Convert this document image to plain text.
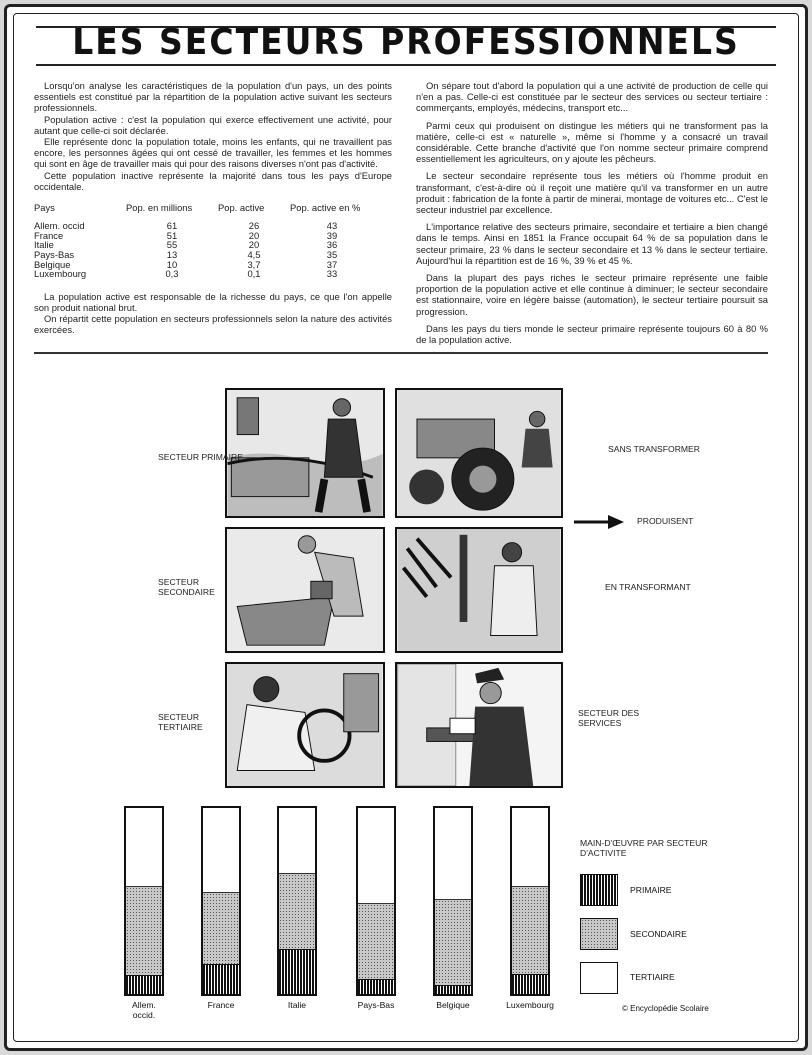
LES SECTEURS PROFESSIONNELS

Lorsqu'on analyse les caractéristiques de la population d'un pays, un des points essentiels est constitué par la répartition de la population active suivant les secteurs professionnels.

Population active : c'est la population qui exerce effectivement une activité, pour autant que celle-ci soit déclarée.

Elle représente donc la population totale, moins les enfants, qui ne travaillent pas encore, les personnes âgées qui ont cessé de travailler, les femmes et les hommes qui sont en âge de travailler mais qui pour des raisons diverses n'ont pas d'activité.

Cette population inactive représente la majorité dans tous les pays d'Europe occidentale.

Pays	Pop. en millions	Pop. active	Pop. active en %
Allem. occid	61	26	43
France	51	20	39
Italie	55	20	36
Pays-Bas	13	4,5	35
Belgique	10	3,7	37
Luxembourg	0,3	0,1	33

La population active est responsable de la richesse du pays, ce que l'on appelle son produit national brut.

On répartit cette population en secteurs professionnels selon la nature des activités exercées.

On sépare tout d'abord la population qui a une activité de production de celle qui n'en a pas. Celle-ci est constituée par le secteur des services ou secteur tertiaire : commerçants, employés, médecins, transport etc...

Parmi ceux qui produisent on distingue les métiers qui ne transforment pas la matière, celle-ci est « naturelle », même si l'homme y a consacré un travail considérable. Cette branche d'activité que l'on nomme secteur primaire comprend essentiellement les agriculteurs, on y ajoute les pêcheurs.

Le secteur secondaire représente tous les métiers où l'homme produit en transformant, c'est-à-dire où il reçoit une matière qu'il va transformer en un autre produit : fabrication de la fonte à partir de minerai, montage de voitures etc... C'est le secteur industriel par excellence.

L'importance relative des secteurs primaire, secondaire et tertiaire a bien changé dans le temps. Ainsi en 1851 la France occupait 64 % de sa population dans le secteur primaire, 23 % dans le secteur secondaire et 13 % dans le secteur tertiaire. Aujourd'hui la répartition est de 16 %, 39 % et 45 %.

Dans la plupart des pays riches le secteur primaire représente une faible proportion de la population active et elle continue à diminuer; le secteur secondaire est stationnaire, voire en légère baisse (automation), le secteur tertiaire poursuit sa progression.

Dans les pays du tiers monde le secteur primaire représente toujours 60 à 80 % de la population active.

SECTEUR PRIMAIRE
SECTEUR SECONDAIRE
SECTEUR TERTIAIRE
SANS TRANSFORMER
PRODUISENT
EN TRANSFORMANT
SECTEUR DES SERVICES
Allem. occid.
France	Italie	Pays-Bas	Belgique	Luxembourg
MAIN-D'ŒUVRE PAR SECTEUR D'ACTIVITE
PRIMAIRE
SECONDAIRE
TERTIAIRE
© Encyclopédie Scolaire
